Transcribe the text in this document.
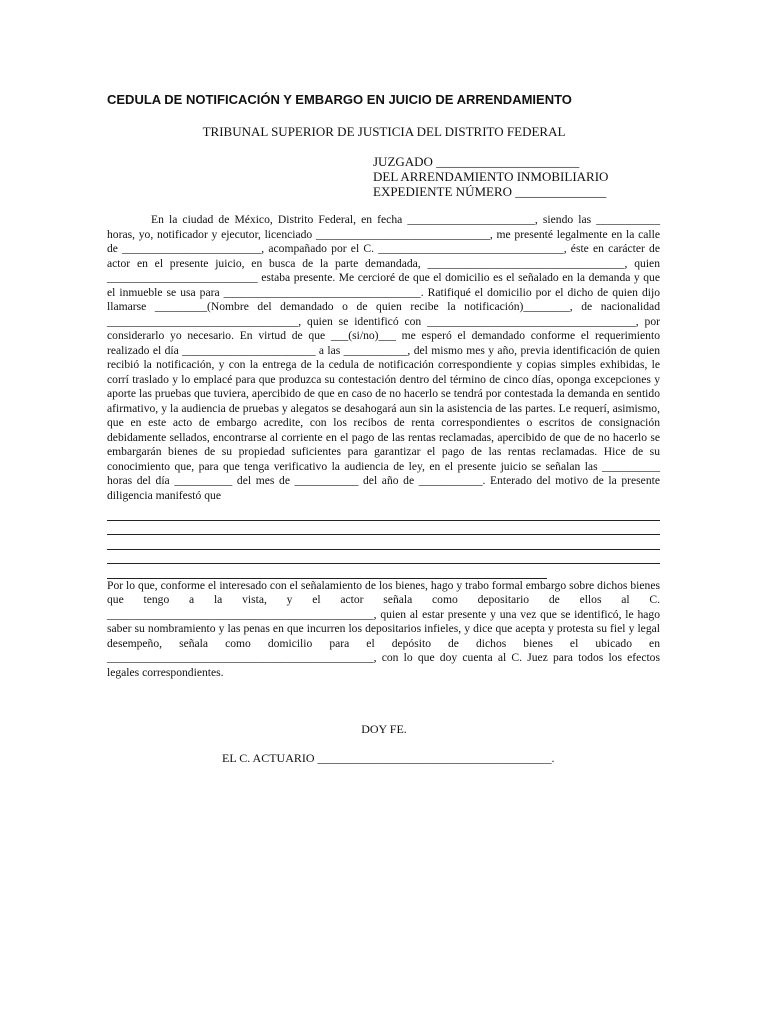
CEDULA DE NOTIFICACIÓN Y EMBARGO EN JUICIO DE ARRENDAMIENTO
TRIBUNAL SUPERIOR DE JUSTICIA DEL DISTRITO FEDERAL
JUZGADO ______________________
DEL ARRENDAMIENTO INMOBILIARIO
EXPEDIENTE NÚMERO ______________

En la ciudad de México, Distrito Federal, en fecha ______________________, siendo las ___________ horas, yo, notificador y ejecutor, licenciado ______________________________, me presenté legalmente en la calle de ________________________, acompañado por el C. ________________________________, éste en carácter de actor en el presente juicio, en busca de la parte demandada, __________________________________, quien __________________________ estaba presente. Me cercioré de que el domicilio es el señalado en la demanda y que el inmueble se usa para __________________________________. Ratifiqué el domicilio por el dicho de quien dijo llamarse _________(Nombre del demandado o de quien recibe la notificación)________, de nacionalidad _________________________________, quien se identificó con ____________________________________, por considerarlo yo necesario. En virtud de que ___(si/no)___ me esperó el demandado conforme el requerimiento realizado el día _______________________ a las ___________, del mismo mes y año, previa identificación de quien recibió la notificación, y con la entrega de la cedula de notificación correspondiente y copias simples exhibidas, le corrí traslado y lo emplacé para que produzca su contestación dentro del término de cinco días, oponga excepciones y aporte las pruebas que tuviera, apercibido de que en caso de no hacerlo se tendrá por contestada la demanda en sentido afirmativo, y la audiencia de pruebas y alegatos se desahogará aun sin la asistencia de las partes. Le requerí, asimismo, que en este acto de embargo acredite, con los recibos de renta correspondientes o escritos de consignación debidamente sellados, encontrarse al corriente en el pago de las rentas reclamadas, apercibido de que de no hacerlo se embargarán bienes de su propiedad suficientes para garantizar el pago de las rentas reclamadas. Hice de su conocimiento que, para que tenga verificativo la audiencia de ley, en el presente juicio se señalan las __________ horas del día __________ del mes de ___________ del año de ___________. Enterado del motivo de la presente diligencia manifestó que

Por lo que, conforme el interesado con el señalamiento de los bienes, hago y trabo formal embargo sobre dichos bienes que tengo a la vista, y el actor señala como depositario de ellos al C. ______________________________________________, quien al estar presente y una vez que se identificó, le hago saber su nombramiento y las penas en que incurren los depositarios infieles, y dice que acepta y protesta su fiel y legal desempeño, señala como domicilio para el depósito de dichos bienes el ubicado en ______________________________________________, con lo que doy cuenta al C. Juez para todos los efectos legales correspondientes.

DOY FE.
EL C. ACTUARIO _______________________________________.
